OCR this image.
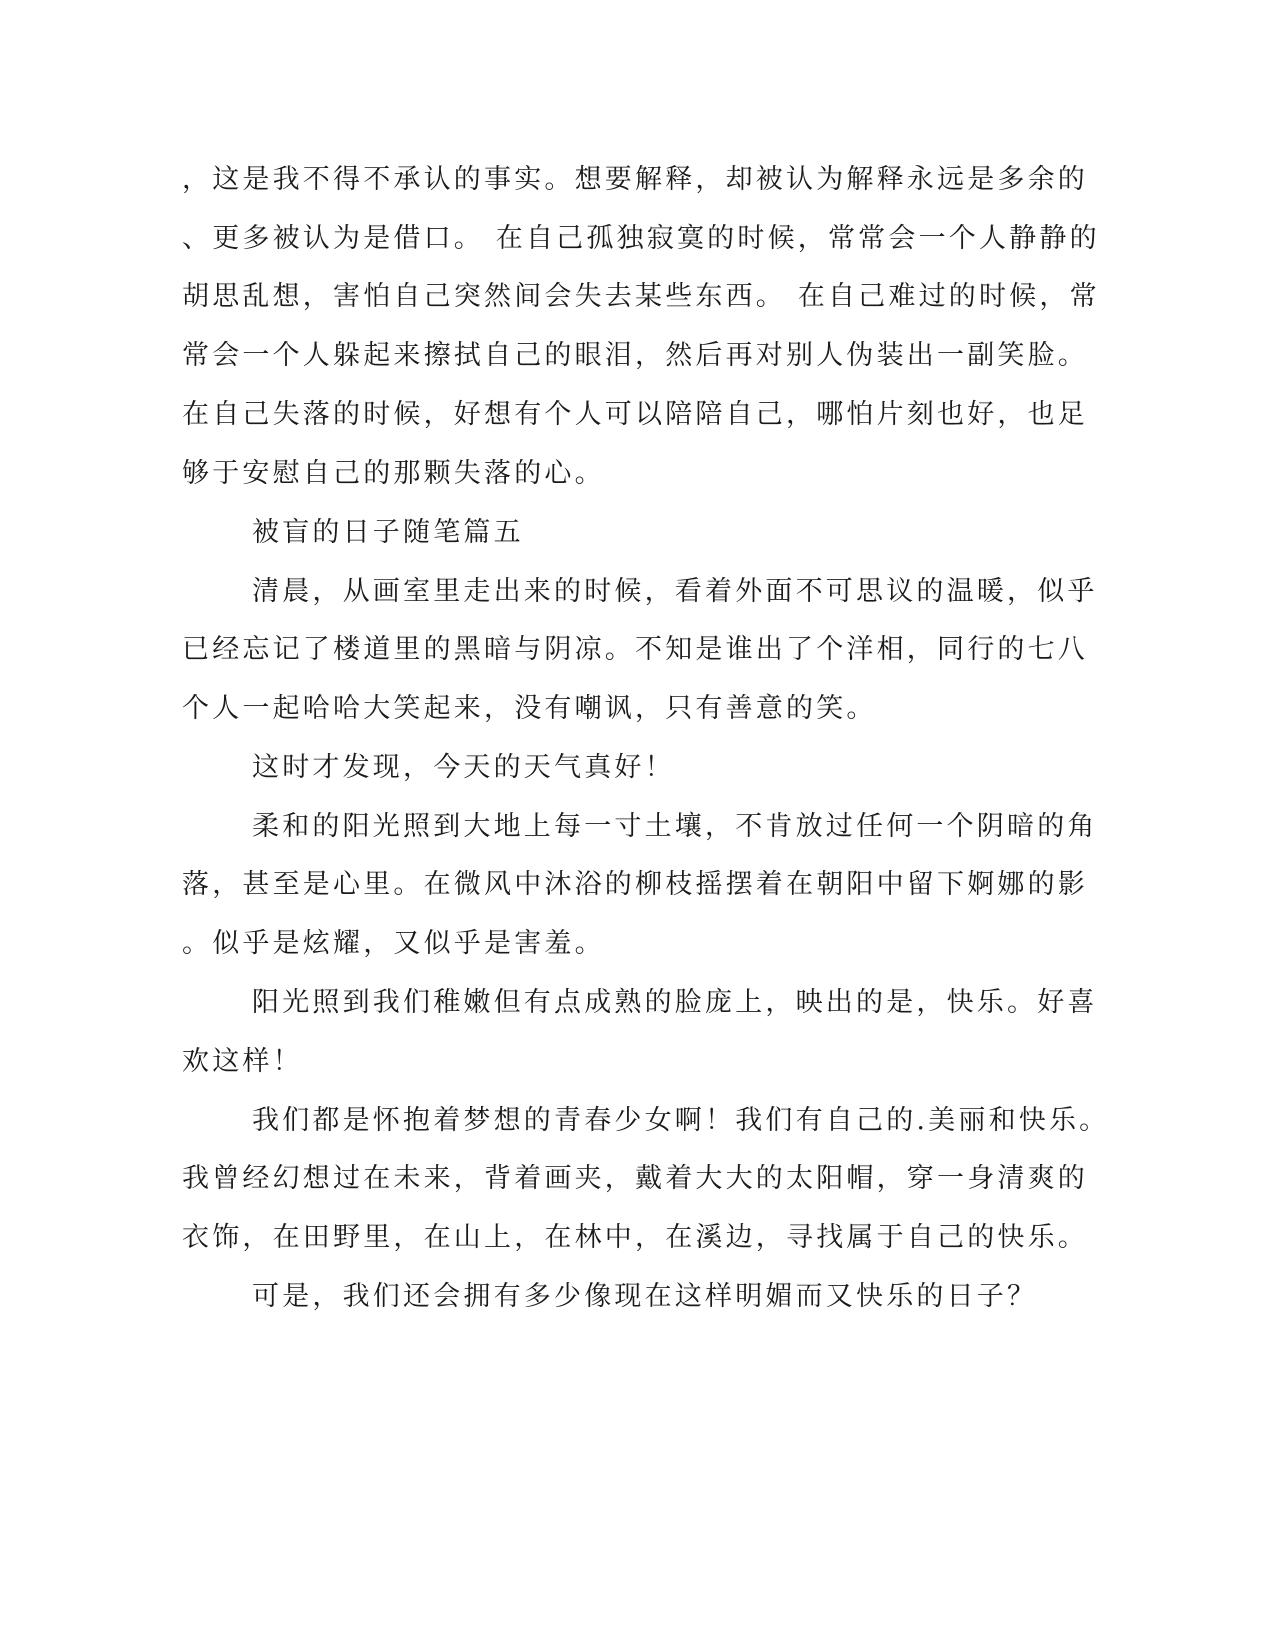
，这是我不得不承认的事实。想要解释，却被认为解释永远是多余的
、更多被认为是借口。 在自己孤独寂寞的时候，常常会一个人静静的
胡思乱想，害怕自己突然间会失去某些东西。 在自己难过的时候，常
常会一个人躲起来擦拭自己的眼泪，然后再对别人伪装出一副笑脸。
在自己失落的时候，好想有个人可以陪陪自己，哪怕片刻也好，也足
够于安慰自己的那颗失落的心。
被盲的日子随笔篇五
清晨，从画室里走出来的时候，看着外面不可思议的温暖，似乎
已经忘记了楼道里的黑暗与阴凉。不知是谁出了个洋相，同行的七八
个人一起哈哈大笑起来，没有嘲讽，只有善意的笑。
这时才发现，今天的天气真好！
柔和的阳光照到大地上每一寸土壤，不肯放过任何一个阴暗的角
落，甚至是心里。在微风中沐浴的柳枝摇摆着在朝阳中留下婀娜的影
。似乎是炫耀，又似乎是害羞。
阳光照到我们稚嫩但有点成熟的脸庞上，映出的是，快乐。好喜
欢这样！
我们都是怀抱着梦想的青春少女啊！我们有自己的.美丽和快乐。
我曾经幻想过在未来，背着画夹，戴着大大的太阳帽，穿一身清爽的
衣饰，在田野里，在山上，在林中，在溪边，寻找属于自己的快乐。
可是，我们还会拥有多少像现在这样明媚而又快乐的日子？
